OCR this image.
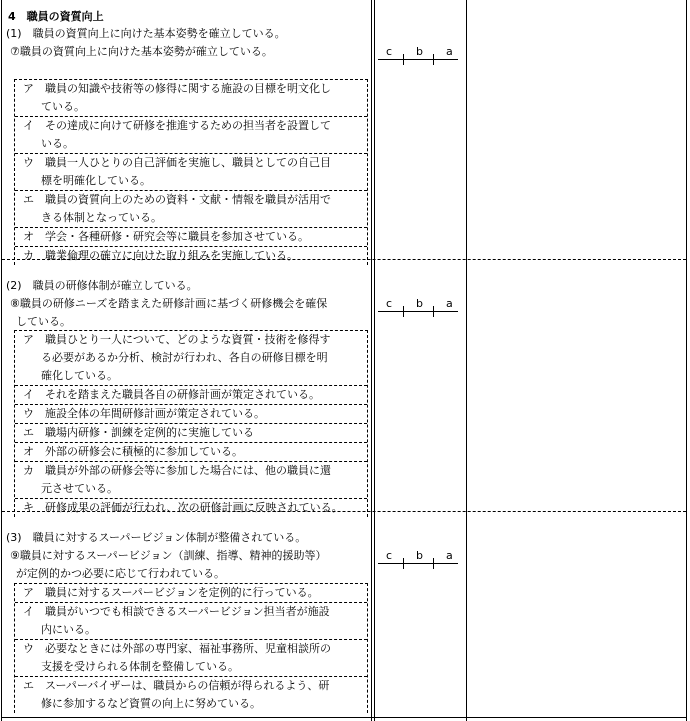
4　職員の資質向上
(1)　職員の資質向上に向けた基本姿勢を確立している。
⑦職員の資質向上に向けた基本姿勢が確立している。	c b a
ア　職員の知識や技術等の修得に関する施設の目標を明文化し
ている。
イ　その達成に向けて研修を推進するための担当者を設置して
いる。
ウ　職員一人ひとりの自己評価を実施し、職員としての自己目
標を明確化している。
エ　職員の資質向上のための資料・文献・情報を職員が活用で
きる体制となっている。
オ　学会・各種研修・研究会等に職員を参加させている。
カ　職業倫理の確立に向けた取り組みを実施している。
(2)　職員の研修体制が確立している。
⑧職員の研修ニーズを踏まえた研修計画に基づく研修機会を確保
している。
c b a
ア　職員ひとり一人について、どのような資質・技術を修得す
る必要があるか分析、検討が行われ、各自の研修目標を明
確化している。
イ　それを踏まえた職員各自の研修計画が策定されている。
ウ　施設全体の年間研修計画が策定されている。
エ　職場内研修・訓練を定例的に実施している
オ　外部の研修会に積極的に参加している。
カ　職員が外部の研修会等に参加した場合には、他の職員に還
元させている。
キ　研修成果の評価が行われ、次の研修計画に反映されている。
(3)　職員に対するスーパービジョン体制が整備されている。
⑨職員に対するスーパービジョン（訓練、指導、精神的援助等）
が定例的かつ必要に応じて行われている。
c b a
ア　職員に対するスーパービジョンを定例的に行っている。
イ　職員がいつでも相談できるスーパービジョン担当者が施設
内にいる。
ウ　必要なときには外部の専門家、福祉事務所、児童相談所の
支援を受けられる体制を整備している。
エ　スーパーバイザーは、職員からの信頼が得られるよう、研
修に参加するなど資質の向上に努めている。
